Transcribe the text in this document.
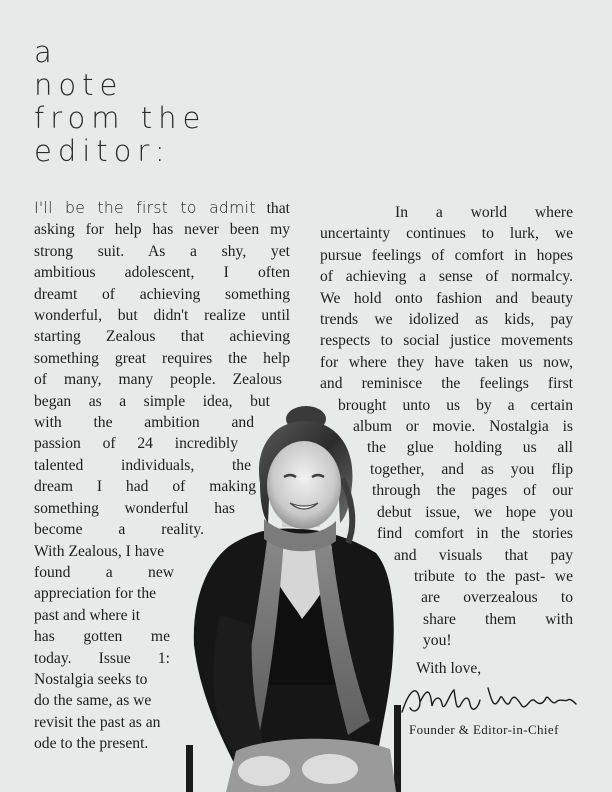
a
note
from the
editor:

I'll be the first to admit that
asking for help has never been my
strong suit. As a shy, yet
ambitious adolescent, I often
dreamt of achieving something
wonderful, but didn't realize until
starting Zealous that achieving
something great requires the help
of many, many people. Zealous
began as a simple idea, but
with the ambition and
passion of 24 incredibly
talented individuals, the
dream I had of making
something wonderful has
become a reality.
With Zealous, I have
found a new
appreciation for the
past and where it
has gotten me
today. Issue 1:
Nostalgia seeks to
do the same, as we
revisit the past as an
ode to the present.

In a world where
uncertainty continues to lurk, we
pursue feelings of comfort in hopes
of achieving a sense of normalcy.
We hold onto fashion and beauty
trends we idolized as kids, pay
respects to social justice movements
for where they have taken us now,
and reminisce the feelings first
brought unto us by a certain
album or movie. Nostalgia is
the glue holding us all
together, and as you flip
through the pages of our
debut issue, we hope you
find comfort in the stories
and visuals that pay
tribute to the past- we
are overzealous to
share them with
you!

With love,

Founder & Editor-in-Chief
